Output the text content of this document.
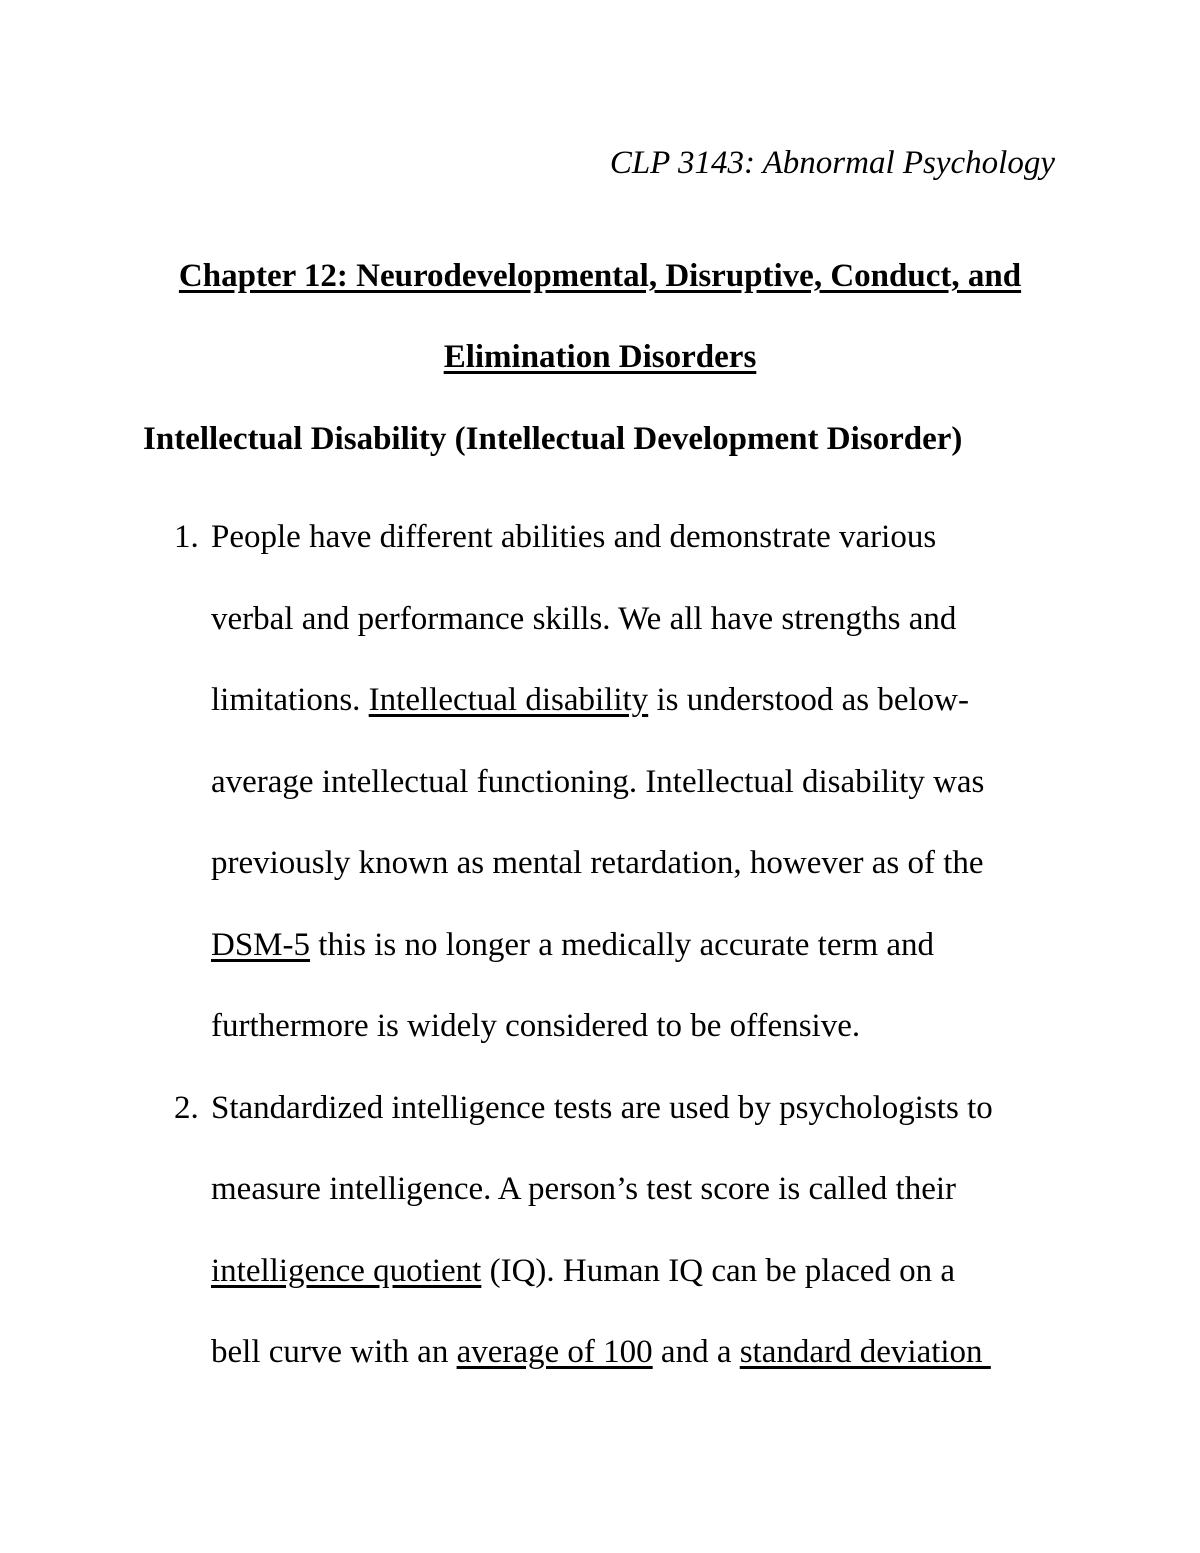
CLP 3143: Abnormal Psychology
Chapter 12: Neurodevelopmental, Disruptive, Conduct, and
Elimination Disorders
Intellectual Disability (Intellectual Development Disorder)
1. People have different abilities and demonstrate various
verbal and performance skills. We all have strengths and
limitations. Intellectual disability is understood as below-
average intellectual functioning. Intellectual disability was
previously known as mental retardation, however as of the
DSM-5 this is no longer a medically accurate term and
furthermore is widely considered to be offensive.
2. Standardized intelligence tests are used by psychologists to
measure intelligence. A person’s test score is called their
intelligence quotient (IQ). Human IQ can be placed on a
bell curve with an average of 100 and a standard deviation
